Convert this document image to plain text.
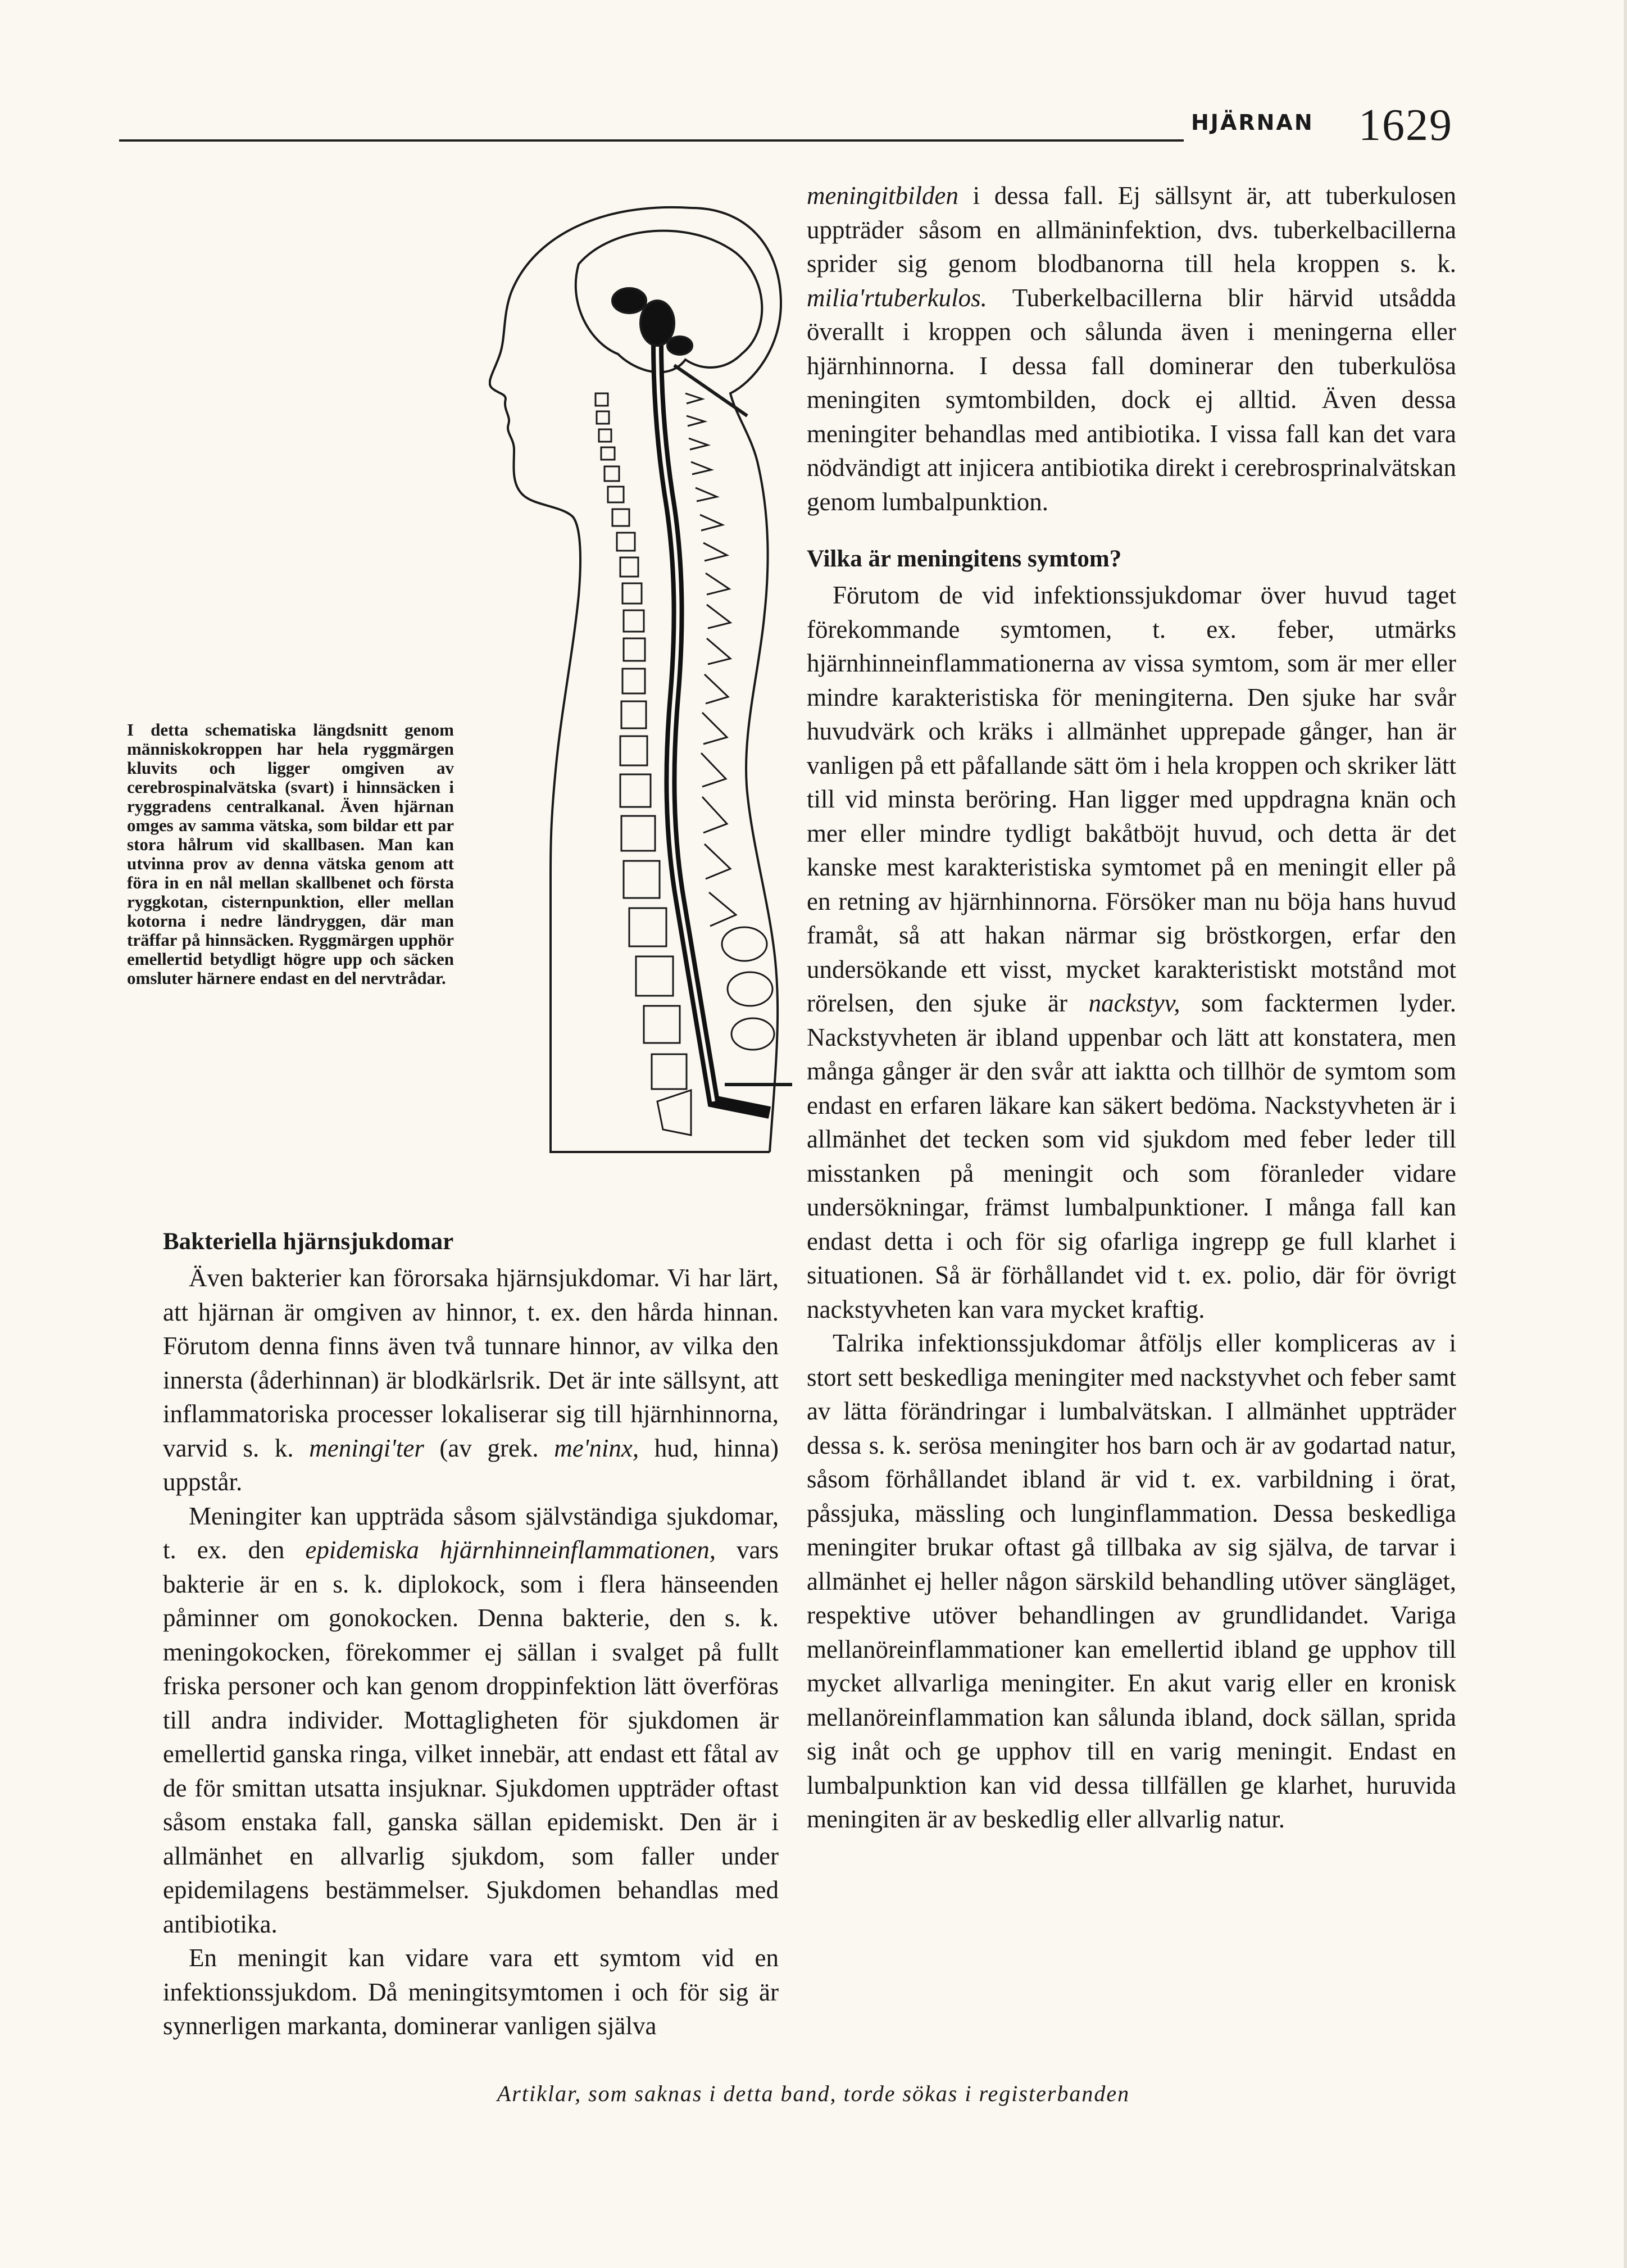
HJÄRNAN 1629

I detta schematiska längdsnitt genom människokroppen har hela ryggmärgen kluvits och ligger omgiven av cerebrospinalvätska (svart) i hinnsäcken i ryggradens centralkanal. Även hjärnan omges av samma vätska, som bildar ett par stora hålrum vid skallbasen. Man kan utvinna prov av denna vätska genom att föra in en nål mellan skallbenet och första ryggkotan, cisternpunktion, eller mellan kotorna i nedre ländryggen, där man träffar på hinnsäcken. Ryggmärgen upphör emellertid betydligt högre upp och säcken omsluter härnere endast en del nervtrådar.

Bakteriella hjärnsjukdomar

Även bakterier kan förorsaka hjärnsjukdomar. Vi har lärt, att hjärnan är omgiven av hinnor, t. ex. den hårda hinnan. Förutom denna finns även två tunnare hinnor, av vilka den innersta (åderhinnan) är blodkärlsrik. Det är inte sällsynt, att inflammatoriska processer lokaliserar sig till hjärnhinnorna, varvid s. k. meningi'ter (av grek. me'ninx, hud, hinna) uppstår.

Meningiter kan uppträda såsom självständiga sjukdomar, t. ex. den epidemiska hjärnhinneinflammationen, vars bakterie är en s. k. diplokock, som i flera hänseenden påminner om gonokocken. Denna bakterie, den s. k. meningokocken, förekommer ej sällan i svalget på fullt friska personer och kan genom droppinfektion lätt överföras till andra individer. Mottagligheten för sjukdomen är emellertid ganska ringa, vilket innebär, att endast ett fåtal av de för smittan utsatta insjuknar. Sjukdomen uppträder oftast såsom enstaka fall, ganska sällan epidemiskt. Den är i allmänhet en allvarlig sjukdom, som faller under epidemilagens bestämmelser. Sjukdomen behandlas med antibiotika.

En meningit kan vidare vara ett symtom vid en infektionssjukdom. Då meningitsymtomen i och för sig är synnerligen markanta, dominerar vanligen själva

meningitbilden i dessa fall. Ej sällsynt är, att tuberkulosen uppträder såsom en allmäninfektion, dvs. tuberkelbacillerna sprider sig genom blodbanorna till hela kroppen s. k. milia'rtuberkulos. Tuberkelbacillerna blir härvid utsådda överallt i kroppen och sålunda även i meningerna eller hjärnhinnorna. I dessa fall dominerar den tuberkulösa meningiten symtombilden, dock ej alltid. Även dessa meningiter behandlas med antibiotika. I vissa fall kan det vara nödvändigt att injicera antibiotika direkt i cerebrosprinalvätskan genom lumbalpunktion.

Vilka är meningitens symtom?

Förutom de vid infektionssjukdomar över huvud taget förekommande symtomen, t. ex. feber, utmärks hjärnhinneinflammationerna av vissa symtom, som är mer eller mindre karakteristiska för meningiterna. Den sjuke har svår huvudvärk och kräks i allmänhet upprepade gånger, han är vanligen på ett påfallande sätt öm i hela kroppen och skriker lätt till vid minsta beröring. Han ligger med uppdragna knän och mer eller mindre tydligt bakåtböjt huvud, och detta är det kanske mest karakteristiska symtomet på en meningit eller på en retning av hjärnhinnorna. Försöker man nu böja hans huvud framåt, så att hakan närmar sig bröstkorgen, erfar den undersökande ett visst, mycket karakteristiskt motstånd mot rörelsen, den sjuke är nackstyv, som facktermen lyder. Nackstyvheten är ibland uppenbar och lätt att konstatera, men många gånger är den svår att iaktta och tillhör de symtom som endast en erfaren läkare kan säkert bedöma. Nackstyvheten är i allmänhet det tecken som vid sjukdom med feber leder till misstanken på meningit och som föranleder vidare undersökningar, främst lumbalpunktioner. I många fall kan endast detta i och för sig ofarliga ingrepp ge full klarhet i situationen. Så är förhållandet vid t. ex. polio, där för övrigt nackstyvheten kan vara mycket kraftig.

Talrika infektionssjukdomar åtföljs eller kompliceras av i stort sett beskedliga meningiter med nackstyvhet och feber samt av lätta förändringar i lumbalvätskan. I allmänhet uppträder dessa s. k. serösa meningiter hos barn och är av godartad natur, såsom förhållandet ibland är vid t. ex. varbildning i örat, påssjuka, mässling och lunginflammation. Dessa beskedliga meningiter brukar oftast gå tillbaka av sig själva, de tarvar i allmänhet ej heller någon särskild behandling utöver sängläget, respektive utöver behandlingen av grundlidandet. Variga mellanöreinflammationer kan emellertid ibland ge upphov till mycket allvarliga meningiter. En akut varig eller en kronisk mellanöreinflammation kan sålunda ibland, dock sällan, sprida sig inåt och ge upphov till en varig meningit. Endast en lumbalpunktion kan vid dessa tillfällen ge klarhet, huruvida meningiten är av beskedlig eller allvarlig natur.

Artiklar, som saknas i detta band, torde sökas i registerbanden
